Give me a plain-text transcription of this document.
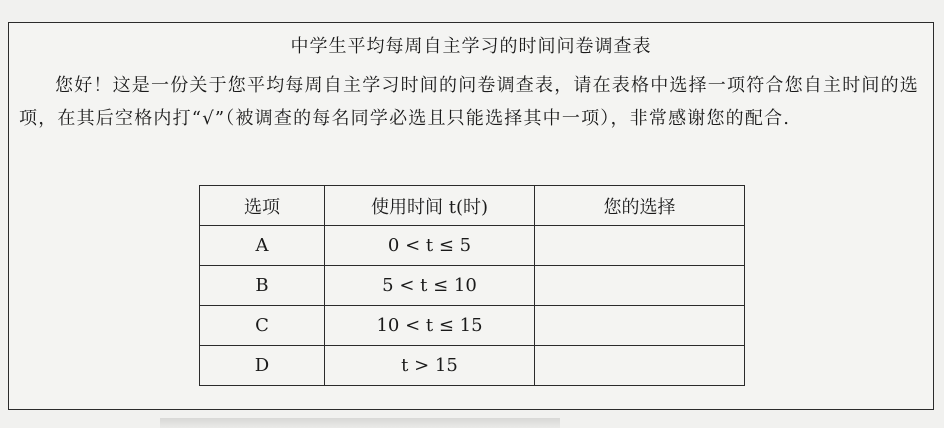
中学生平均每周自主学习的时间问卷调查表

您好！这是一份关于您平均每周自主学习时间的问卷调查表，请在表格中选择一项符合您自主时间的选项，在其后空格内打“√”（被调查的每名同学必选且只能选择其中一项），非常感谢您的配合.

选项	使用时间 t(时)	您的选择
A	0 < t ≤ 5	
B	5 < t ≤ 10	
C	10 < t ≤ 15	
D	t > 15	
